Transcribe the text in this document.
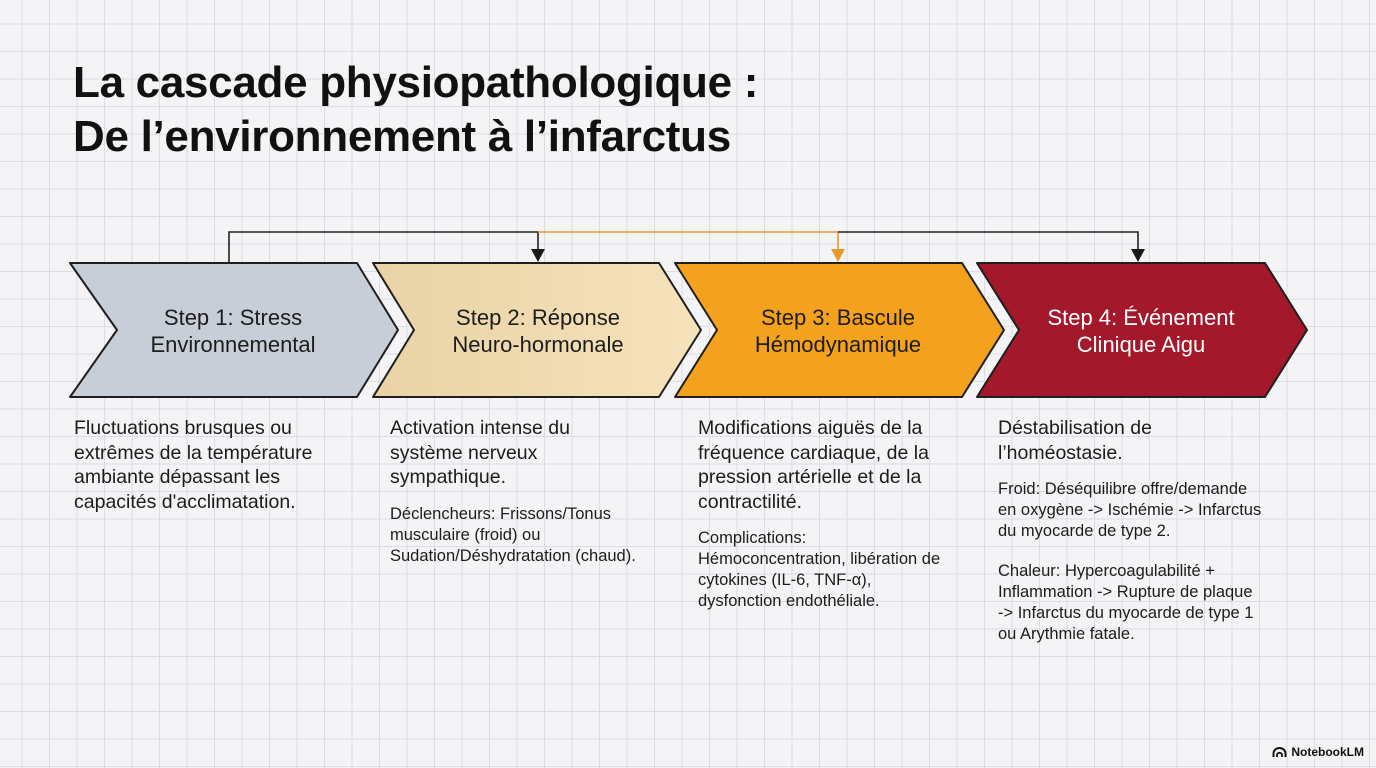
La cascade physiopathologique :
De l’environnement à l’infarctus
Step 1: Stress
Environnemental
Step 2: Réponse
Neuro-hormonale
Step 3: Bascule
Hémodynamique
Step 4: Événement
Clinique Aigu

Fluctuations brusques ou
extrêmes de la température
ambiante dépassant les
capacités d'acclimatation.

Activation intense du
système nerveux
sympathique.

Déclencheurs: Frissons/Tonus
musculaire (froid) ou
Sudation/Déshydratation (chaud).

Modifications aiguës de la
fréquence cardiaque, de la
pression artérielle et de la
contractilité.

Complications:
Hémoconcentration, libération de
cytokines (IL-6, TNF-α),
dysfonction endothéliale.

Déstabilisation de
l’homéostasie.

Froid: Déséquilibre offre/demande
en oxygène -> Ischémie -> Infarctus
du myocarde de type 2.

Chaleur: Hypercoagulabilité +
Inflammation -> Rupture de plaque
-> Infarctus du myocarde de type 1
ou Arythmie fatale.

NotebookLM
